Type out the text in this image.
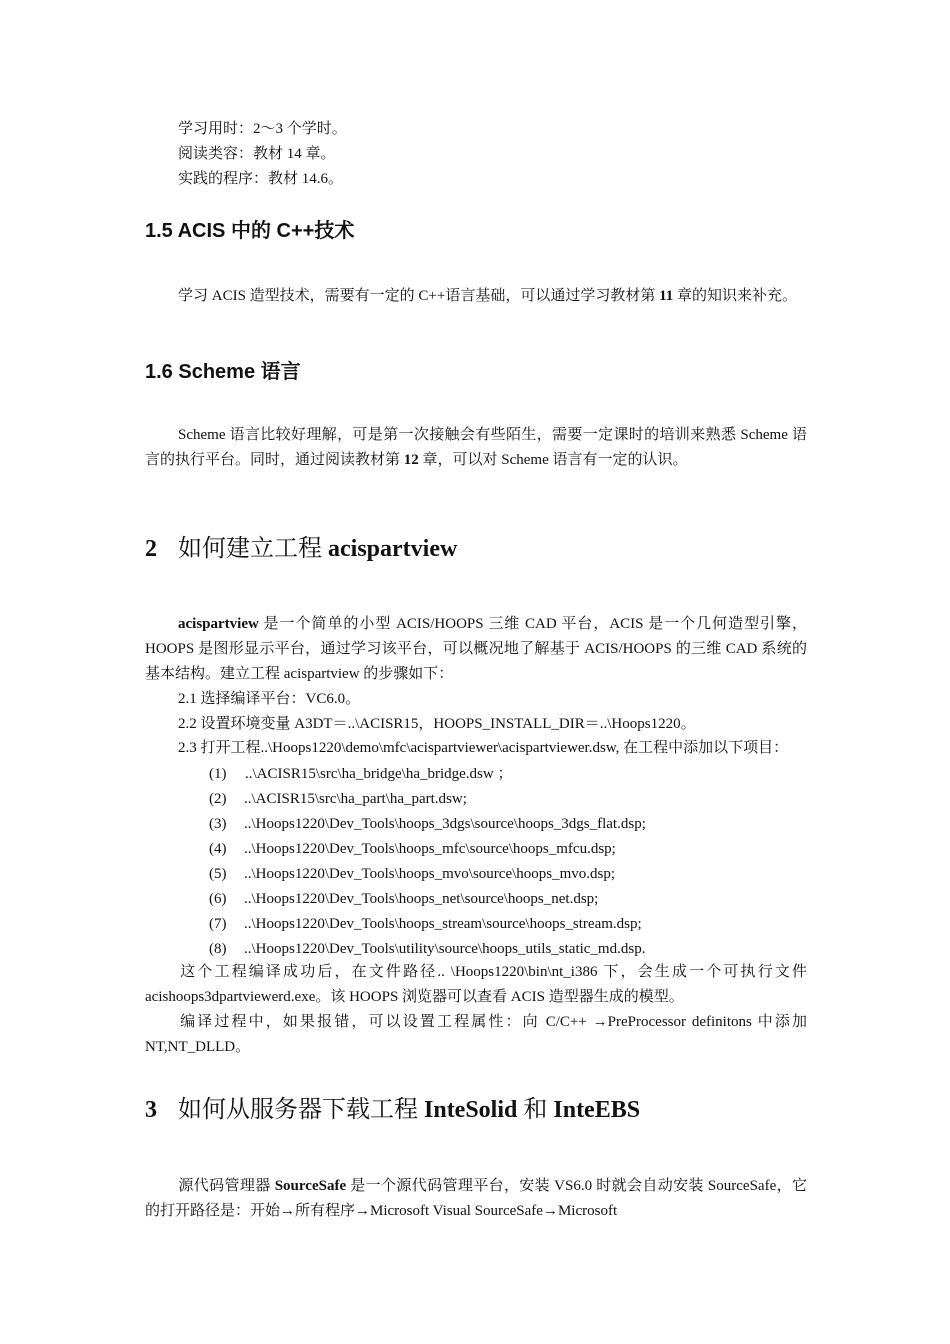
学习用时：2～3 个学时。
阅读类容：教材 14 章。
实践的程序：教材 14.6。
1.5 ACIS 中的 C++技术
学习 ACIS 造型技术，需要有一定的 C++语言基础，可以通过学习教材第 11 章的知识来补充。
1.6 Scheme 语言
Scheme 语言比较好理解，可是第一次接触会有些陌生，需要一定课时的培训来熟悉 Scheme 语言的执行平台。同时，通过阅读教材第 12 章，可以对 Scheme 语言有一定的认识。
2 如何建立工程 acispartview
acispartview 是一个简单的小型 ACIS/HOOPS 三维 CAD 平台，ACIS 是一个几何造型引擎，HOOPS 是图形显示平台，通过学习该平台，可以概况地了解基于 ACIS/HOOPS 的三维 CAD 系统的基本结构。建立工程 acispartview 的步骤如下：
2.1 选择编译平台：VC6.0。
2.2 设置环境变量 A3DT＝..\ACISR15，HOOPS_INSTALL_DIR＝..\Hoops1220。
2.3 打开工程..\Hoops1220\demo\mfc\acispartviewer\acispartviewer.dsw, 在工程中添加以下项目：
(1) ..\ACISR15\src\ha_bridge\ha_bridge.dsw ；
(2) ..\ACISR15\src\ha_part\ha_part.dsw;
(3) ..\Hoops1220\Dev_Tools\hoops_3dgs\source\hoops_3dgs_flat.dsp;
(4) ..\Hoops1220\Dev_Tools\hoops_mfc\source\hoops_mfcu.dsp;
(5) ..\Hoops1220\Dev_Tools\hoops_mvo\source\hoops_mvo.dsp;
(6) ..\Hoops1220\Dev_Tools\hoops_net\source\hoops_net.dsp;
(7) ..\Hoops1220\Dev_Tools\hoops_stream\source\hoops_stream.dsp;
(8) ..\Hoops1220\Dev_Tools\utility\source\hoops_utils_static_md.dsp.
这个工程编译成功后，在文件路径.. \Hoops1220\bin\nt_i386 下，会生成一个可执行文件 acishoops3dpartviewerd.exe。该 HOOPS 浏览器可以查看 ACIS 造型器生成的模型。
编译过程中，如果报错，可以设置工程属性：向 C/C++ →PreProcessor definitons 中添加 NT,NT_DLLD。
3 如何从服务器下载工程 InteSolid 和 InteEBS
源代码管理器 SourceSafe 是一个源代码管理平台，安装 VS6.0 时就会自动安装 SourceSafe，它的打开路径是：开始→所有程序→Microsoft Visual SourceSafe→Microsoft
